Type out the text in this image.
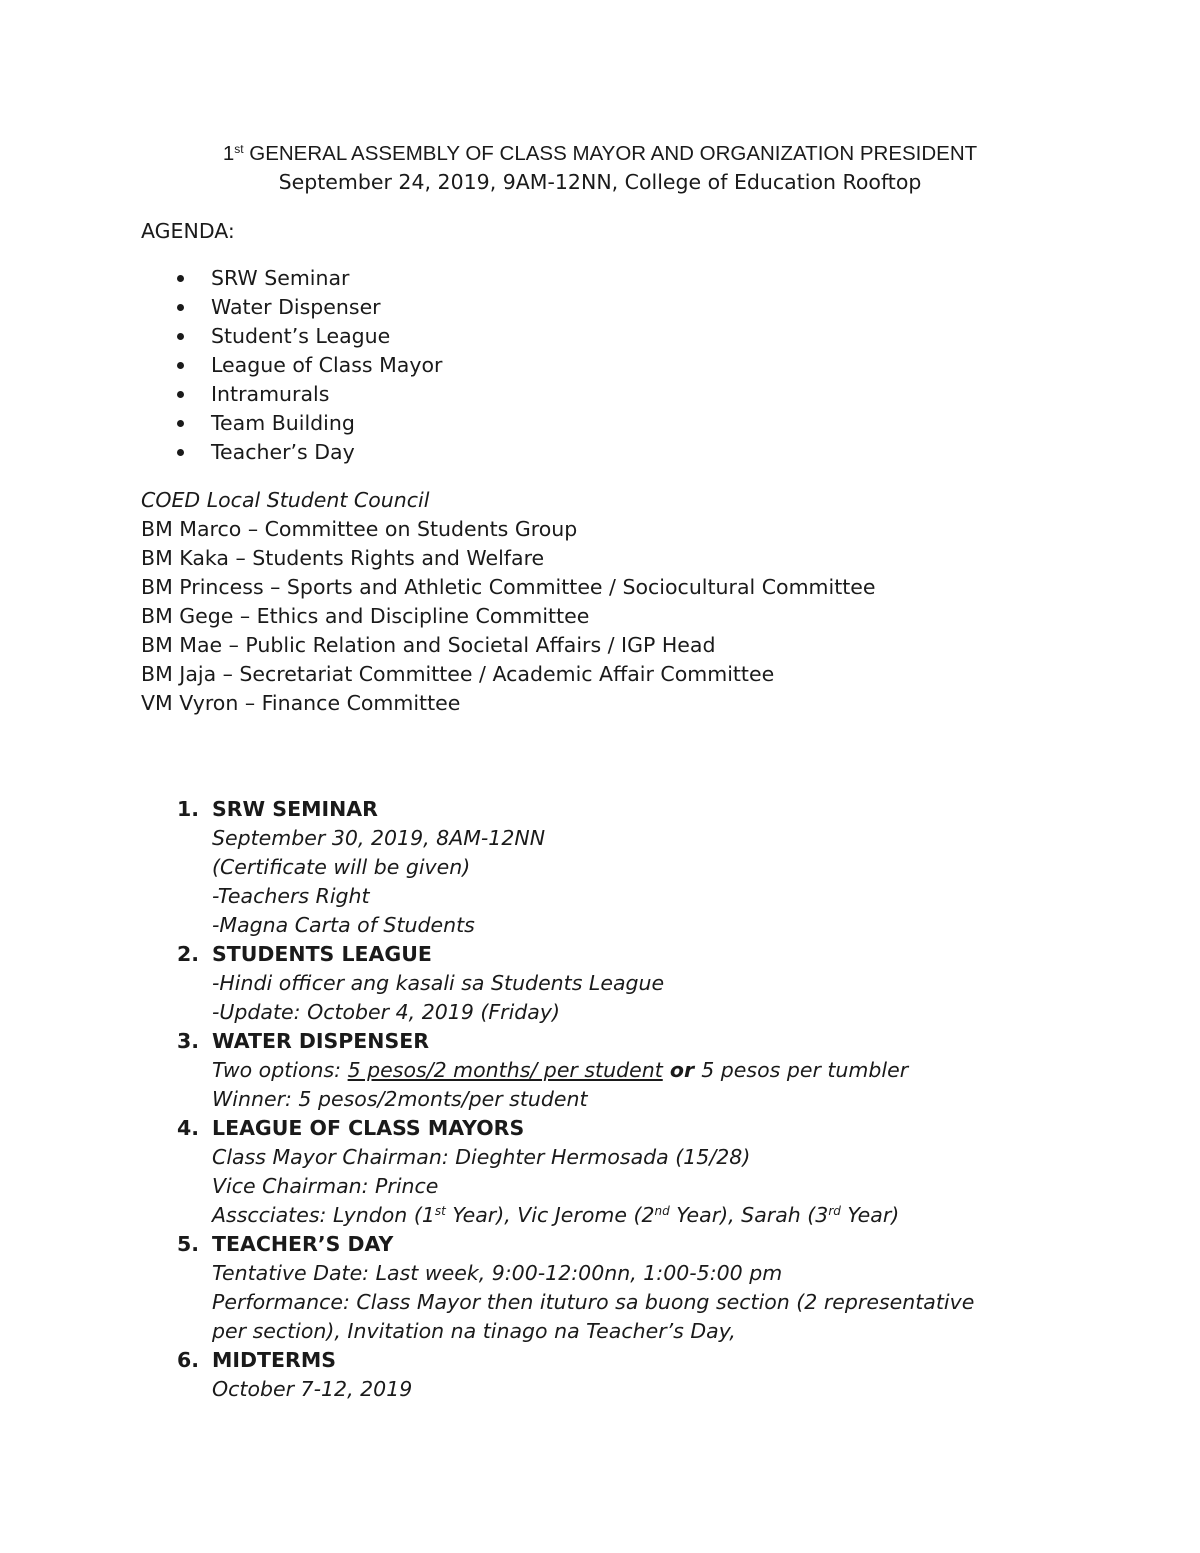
1st GENERAL ASSEMBLY OF CLASS MAYOR AND ORGANIZATION PRESIDENT
September 24, 2019, 9AM-12NN, College of Education Rooftop
AGENDA:
SRW Seminar
Water Dispenser
Student’s League
League of Class Mayor
Intramurals
Team Building
Teacher’s Day
COED Local Student Council
BM Marco – Committee on Students Group
BM Kaka – Students Rights and Welfare
BM Princess – Sports and Athletic Committee / Sociocultural Committee
BM Gege – Ethics and Discipline Committee
BM Mae – Public Relation and Societal Affairs / IGP Head
BM Jaja – Secretariat Committee / Academic Affair Committee
VM Vyron – Finance Committee
1. SRW SEMINAR
September 30, 2019, 8AM-12NN
(Certificate will be given)
-Teachers Right
-Magna Carta of Students
2. STUDENTS LEAGUE
-Hindi officer ang kasali sa Students League
-Update: October 4, 2019 (Friday)
3. WATER DISPENSER
Two options: 5 pesos/2 months/ per student or 5 pesos per tumbler
Winner: 5 pesos/2monts/per student
4. LEAGUE OF CLASS MAYORS
Class Mayor Chairman: Dieghter Hermosada (15/28)
Vice Chairman: Prince
Asscciates: Lyndon (1st Year), Vic Jerome (2nd Year), Sarah (3rd Year)
5. TEACHER’S DAY
Tentative Date: Last week, 9:00-12:00nn, 1:00-5:00 pm
Performance: Class Mayor then ituturo sa buong section (2 representative
per section), Invitation na tinago na Teacher’s Day,
6. MIDTERMS
October 7-12, 2019
